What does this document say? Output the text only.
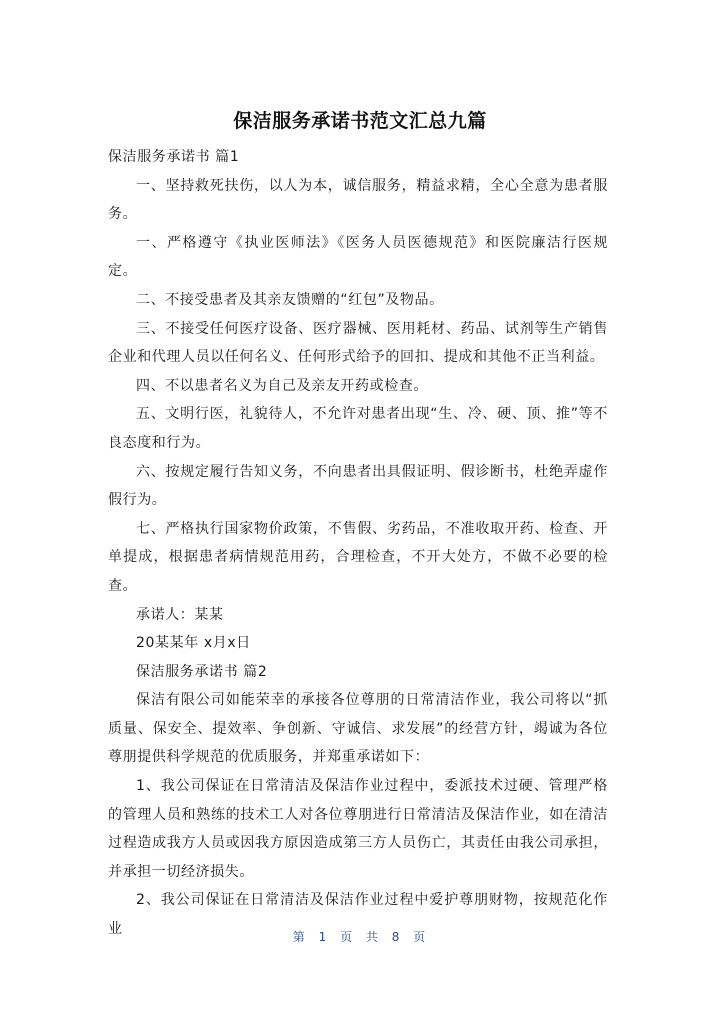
保洁服务承诺书范文汇总九篇

保洁服务承诺书 篇1

一、坚持救死扶伤，以人为本，诚信服务，精益求精，全心全意为患者服务。

一、严格遵守《执业医师法》《医务人员医德规范》和医院廉洁行医规定。

二、不接受患者及其亲友馈赠的“红包”及物品。

三、不接受任何医疗设备、医疗器械、医用耗材、药品、试剂等生产销售企业和代理人员以任何名义、任何形式给予的回扣、提成和其他不正当利益。

四、不以患者名义为自己及亲友开药或检查。

五、文明行医，礼貌待人，不允许对患者出现“生、冷、硬、顶、推”等不良态度和行为。

六、按规定履行告知义务，不向患者出具假证明、假诊断书，杜绝弄虚作假行为。

七、严格执行国家物价政策，不售假、劣药品，不准收取开药、检查、开单提成，根据患者病情规范用药，合理检查，不开大处方，不做不必要的检查。

承诺人：某某

20某某年 x月x日

保洁服务承诺书 篇2

保洁有限公司如能荣幸的承接各位尊朋的日常清洁作业，我公司将以“抓质量、保安全、提效率、争创新、守诚信、求发展”的经营方针，竭诚为各位尊朋提供科学规范的优质服务，并郑重承诺如下：

1、我公司保证在日常清洁及保洁作业过程中，委派技术过硬、管理严格的管理人员和熟练的技术工人对各位尊朋进行日常清洁及保洁作业，如在清洁过程造成我方人员或因我方原因造成第三方人员伤亡，其责任由我公司承担，并承担一切经济损失。

2、我公司保证在日常清洁及保洁作业过程中爱护尊朋财物，按规范化作业	第 1 页 共 8 页
